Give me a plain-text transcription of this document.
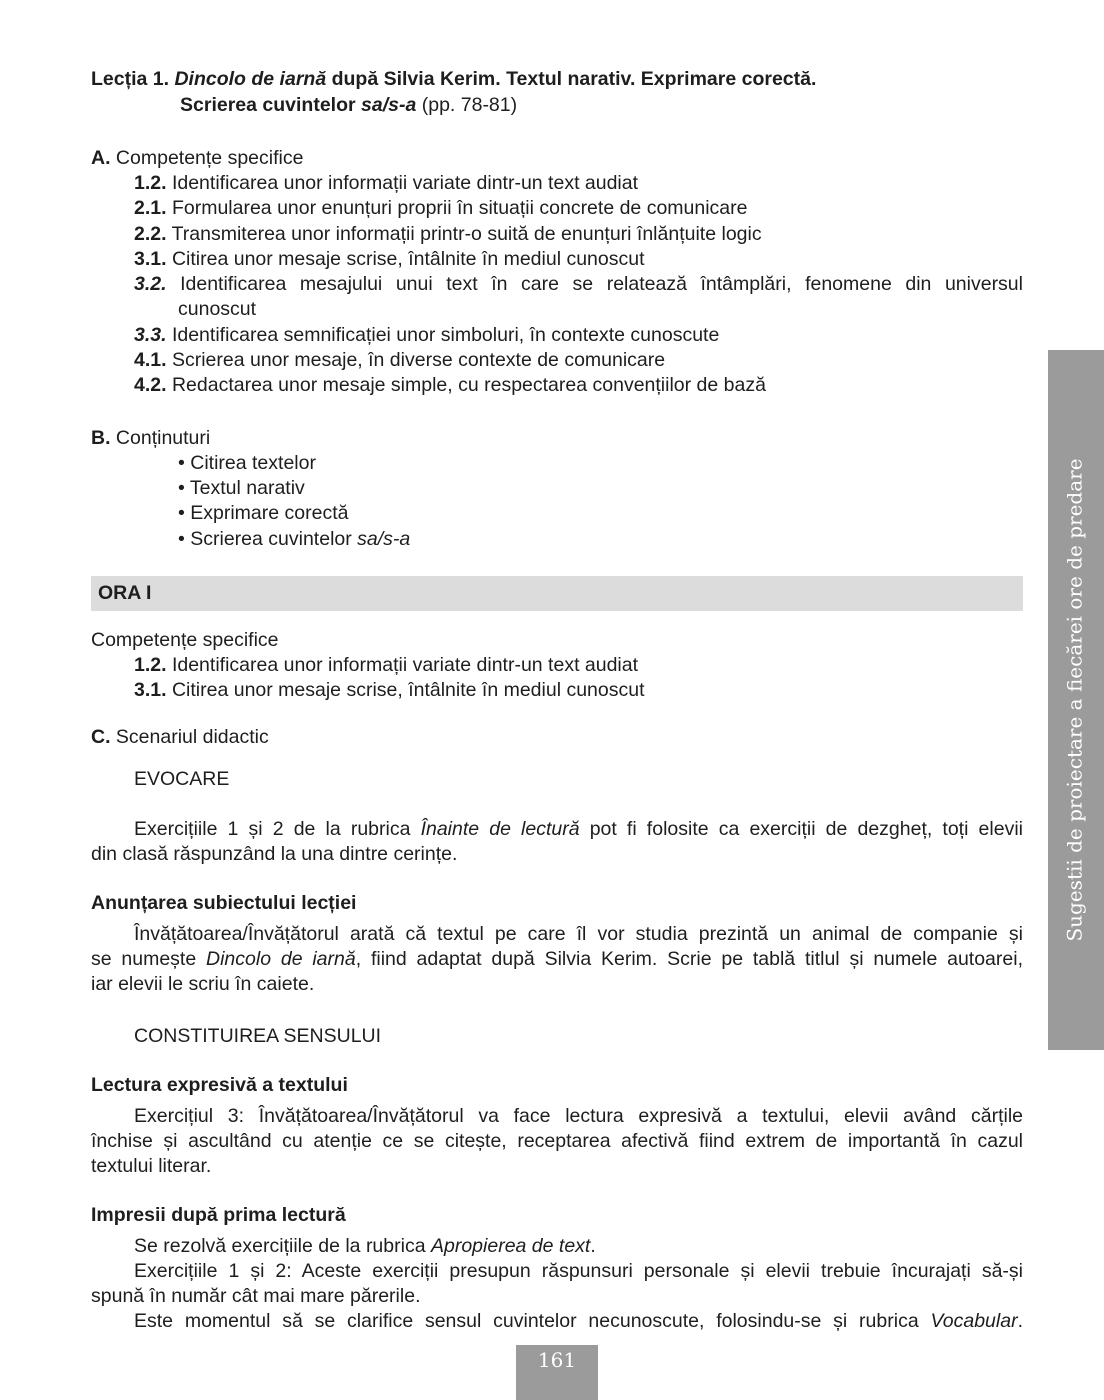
Lecția 1. Dincolo de iarnă după Silvia Kerim. Textul narativ. Exprimare corectă.
Scrierea cuvintelor sa/s-a (pp. 78-81)
A. Competențe specifice
1.2. Identificarea unor informații variate dintr-un text audiat
2.1. Formularea unor enunțuri proprii în situații concrete de comunicare
2.2. Transmiterea unor informații printr-o suită de enunțuri înlănțuite logic
3.1. Citirea unor mesaje scrise, întâlnite în mediul cunoscut
3.2. Identificarea mesajului unui text în care se relatează întâmplări, fenomene din universul
cunoscut
3.3. Identificarea semnificației unor simboluri, în contexte cunoscute
4.1. Scrierea unor mesaje, în diverse contexte de comunicare
4.2. Redactarea unor mesaje simple, cu respectarea convențiilor de bază
B. Conținuturi
• Citirea textelor
• Textul narativ
• Exprimare corectă
• Scrierea cuvintelor sa/s-a
ORA I
Competențe specifice
1.2. Identificarea unor informații variate dintr-un text audiat
3.1. Citirea unor mesaje scrise, întâlnite în mediul cunoscut
C. Scenariul didactic
EVOCARE
Exercițiile 1 și 2 de la rubrica Înainte de lectură pot fi folosite ca exerciții de dezgheț, toți elevii
din clasă răspunzând la una dintre cerințe.
Anunțarea subiectului lecției
Învățătoarea/Învățătorul arată că textul pe care îl vor studia prezintă un animal de companie și
se numește Dincolo de iarnă, fiind adaptat după Silvia Kerim. Scrie pe tablă titlul și numele autoarei,
iar elevii le scriu în caiete.
CONSTITUIREA SENSULUI
Lectura expresivă a textului
Exercițiul 3: Învățătoarea/Învățătorul va face lectura expresivă a textului, elevii având cărțile
închise și ascultând cu atenție ce se citește, receptarea afectivă fiind extrem de importantă în cazul
textului literar.
Impresii după prima lectură
Se rezolvă exercițiile de la rubrica Apropierea de text.
Exercițiile 1 și 2: Aceste exerciții presupun răspunsuri personale și elevii trebuie încurajați să-și
spună în număr cât mai mare părerile.
Este momentul să se clarifice sensul cuvintelor necunoscute, folosindu-se și rubrica Vocabular.
Sugestii de proiectare a fiecărei ore de predare
161
